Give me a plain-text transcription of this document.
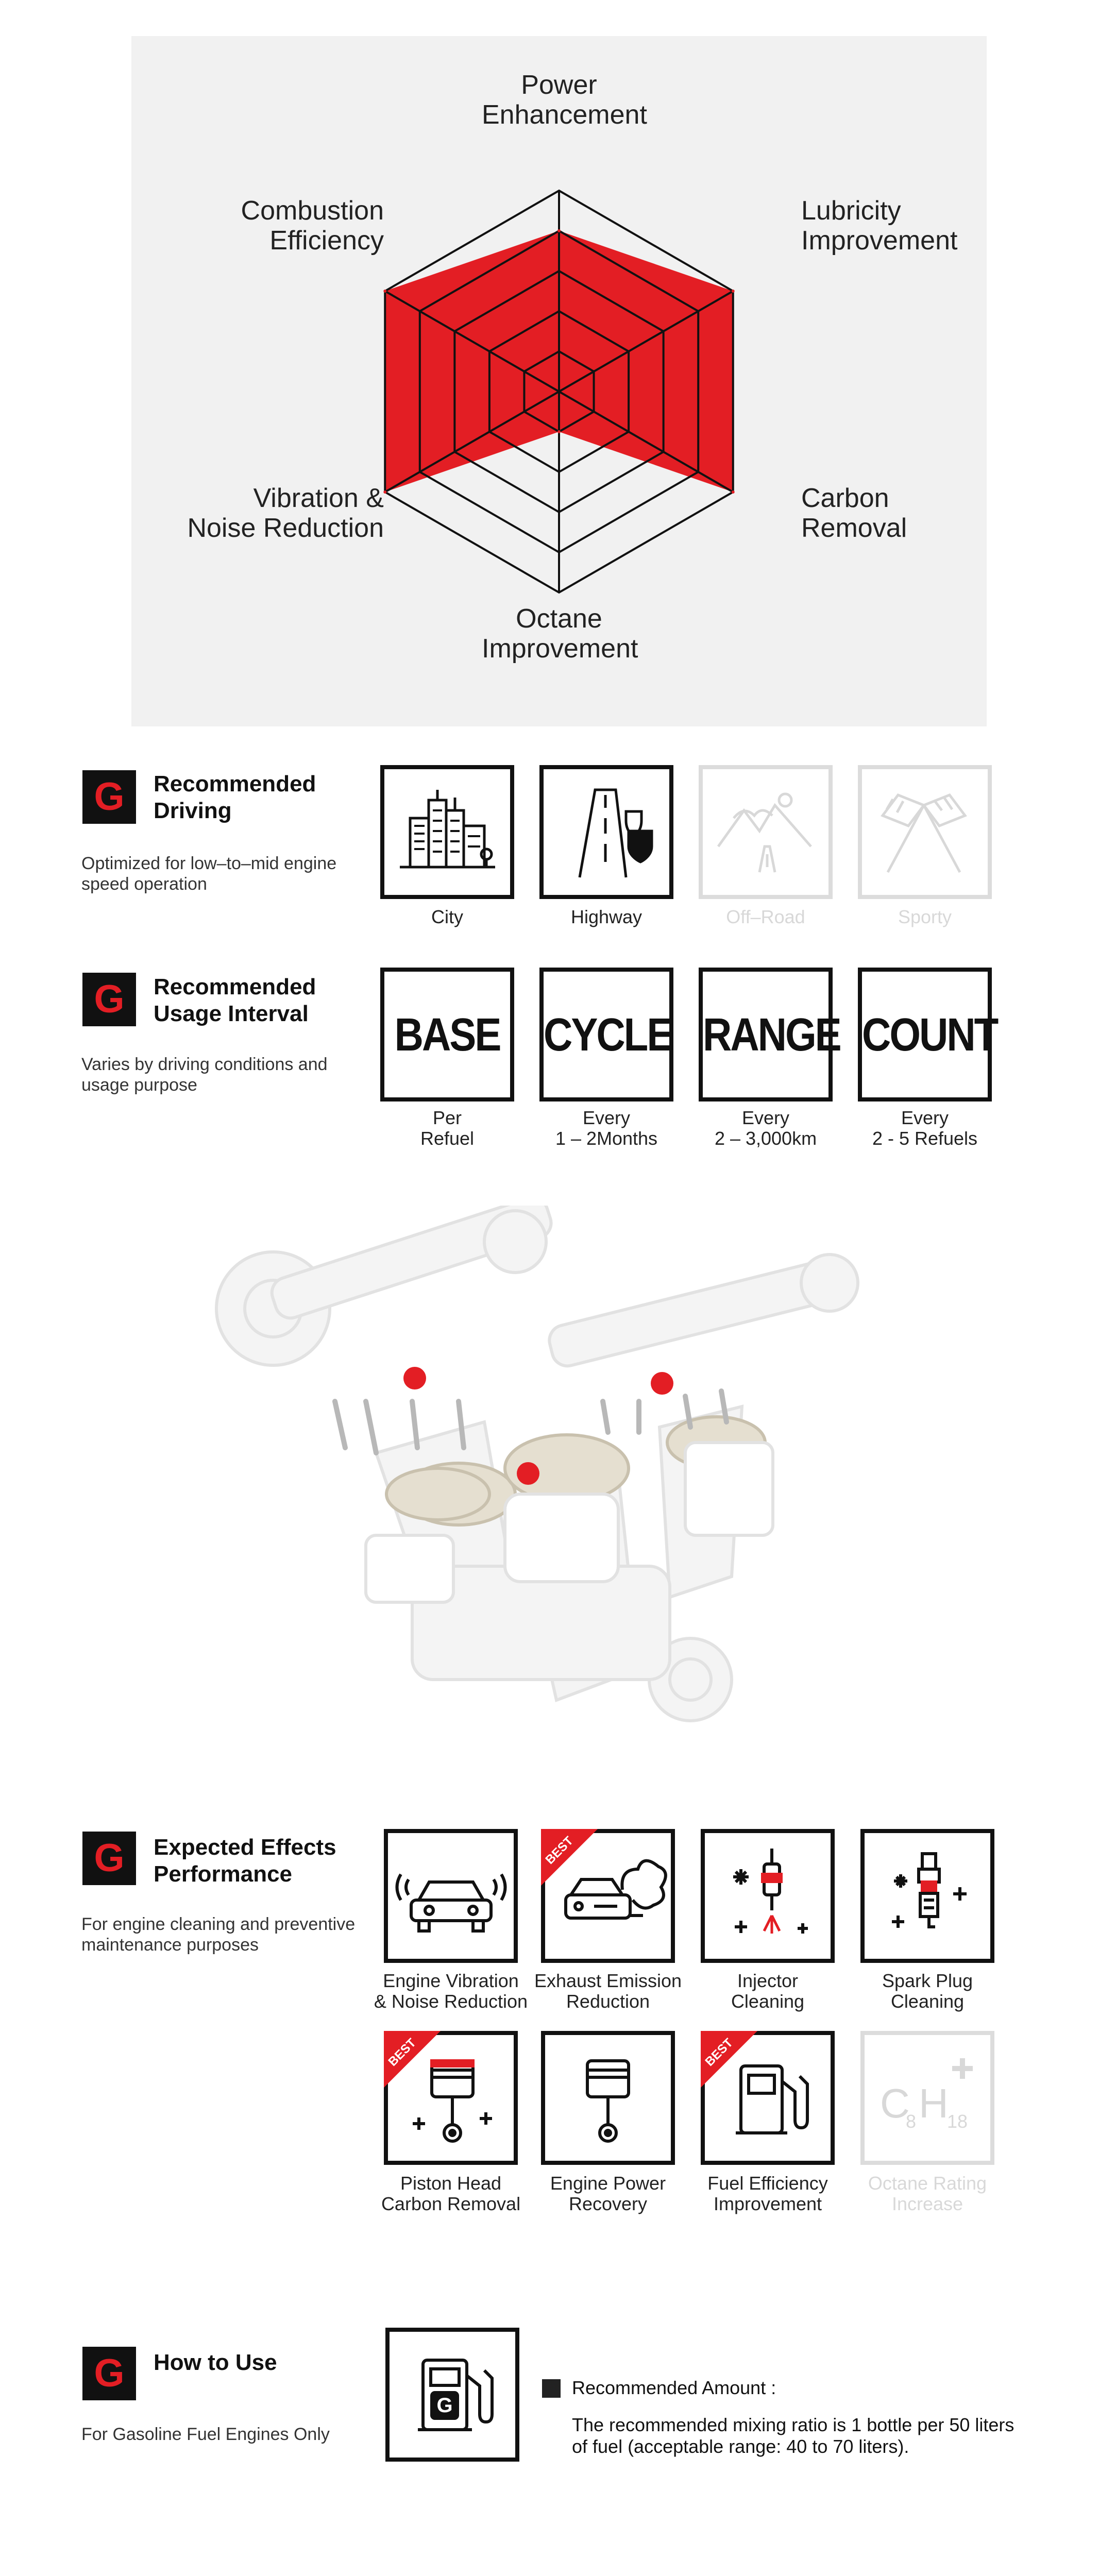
Power
Enhancement
Lubricity
Improvement
Carbon
Removal
Octane
Improvement
Vibration &
Noise Reduction
Combustion
Efficiency
G	Recommended
Driving
Optimized for low–to–mid engine
speed operation
City	Highway	Off–Road	Sporty
G	Recommended
Usage Interval
Varies by driving conditions and
usage purpose
BASE
Per
Refuel
CYCLE
Every
1 – 2Months
RANGE
Every
2 – 3,000km
COUNT
Every
2 - 5 Refuels
G	Expected Effects
Performance
For engine cleaning and preventive
maintenance purposes
Engine Vibration
& Noise Reduction
BEST
Exhaust Emission
Reduction
Injector
Cleaning
Spark Plug
Cleaning
BEST
Piston Head
Carbon Removal
Engine Power
Recovery
BEST
Fuel Efficiency
Improvement
C
8 H
18
Octane Rating
Increase
G	How to Use
For Gasoline Fuel Engines Only
G
Recommended Amount :
The recommended mixing ratio is 1 bottle per 50 liters
of fuel (acceptable range: 40 to 70 liters).
